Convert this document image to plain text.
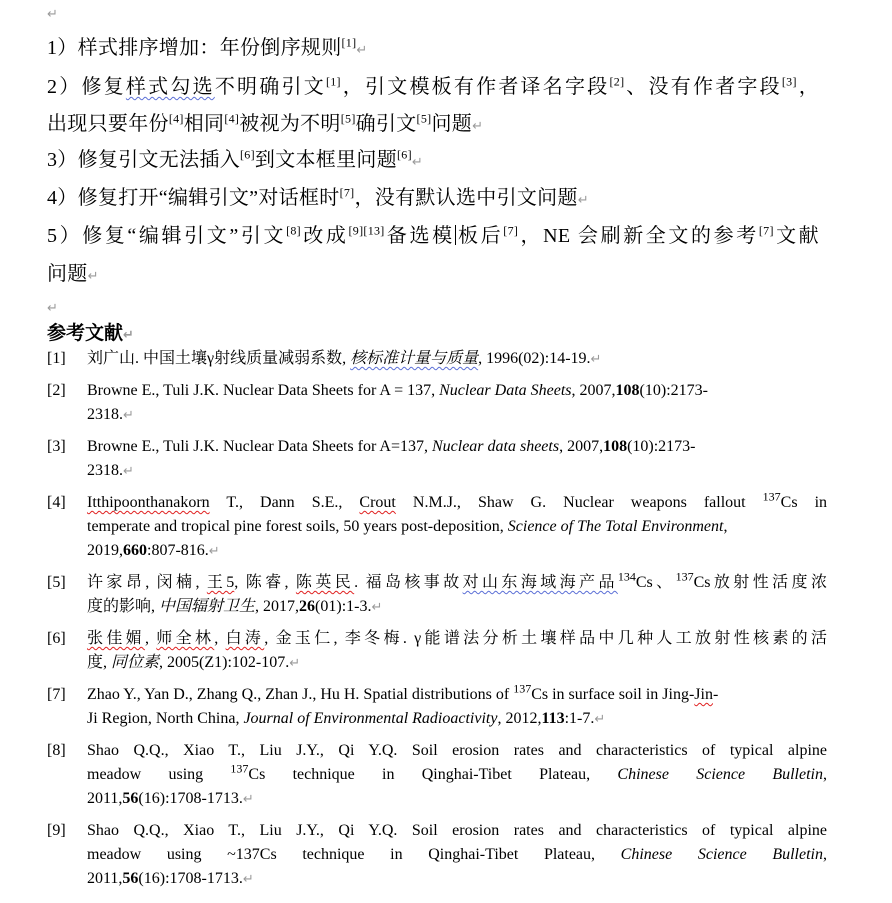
↵
1）样式排序增加：年份倒序规则[1]↵
2）修复样式勾选不明确引文[1]，引文模板有作者译名字段[2]、没有作者字段[3]，
出现只要年份[4]相同[4]被视为不明[5]确引文[5]问题↵
3）修复引文无法插入[6]到文本框里问题[6]↵
4）修复打开“编辑引文”对话框时[7]，没有默认选中引文问题↵
5）修复“编辑引文”引文[8]改成[9][13]备选模板后[7]，NE 会刷新全文的参考[7]文献
问题↵
↵
参考文献↵
[1] 刘广山. 中国土壤γ射线质量减弱系数, 核标准计量与质量, 1996(02):14-19.↵
[2] Browne E., Tuli J.K. Nuclear Data Sheets for A = 137, Nuclear Data Sheets, 2007,108(10):2173-
2318.↵
[3] Browne E., Tuli J.K. Nuclear Data Sheets for A=137, Nuclear data sheets, 2007,108(10):2173-
2318.↵
[4] Itthipoonthanakorn T., Dann S.E., Crout N.M.J., Shaw G. Nuclear weapons fallout $^{137}$Cs in
temperate and tropical pine forest soils, 50 years post-deposition, Science of The Total Environment,
2019,660:807-816.↵
[5] 许家昂, 闵楠, 王5, 陈睿, 陈英民. 福岛核事故对山东海域海产品$^{134}$Cs、$^{137}$Cs放射性活度浓
度的影响, 中国辐射卫生, 2017,26(01):1-3.↵
[6] 张佳媚, 师全林, 白涛, 金玉仁, 李冬梅. γ能谱法分析土壤样品中几种人工放射性核素的活
度, 同位素, 2005(Z1):102-107.↵
[7] Zhao Y., Yan D., Zhang Q., Zhan J., Hu H. Spatial distributions of $^{137}$Cs in surface soil in Jing-Jin-
Ji Region, North China, Journal of Environmental Radioactivity, 2012,113:1-7.↵
[8] Shao Q.Q., Xiao T., Liu J.Y., Qi Y.Q. Soil erosion rates and characteristics of typical alpine
meadow using $^{137}$Cs technique in Qinghai-Tibet Plateau, Chinese Science Bulletin,
2011,56(16):1708-1713.↵
[9] Shao Q.Q., Xiao T., Liu J.Y., Qi Y.Q. Soil erosion rates and characteristics of typical alpine
meadow using ~137Cs technique in Qinghai-Tibet Plateau, Chinese Science Bulletin,
2011,56(16):1708-1713.↵
